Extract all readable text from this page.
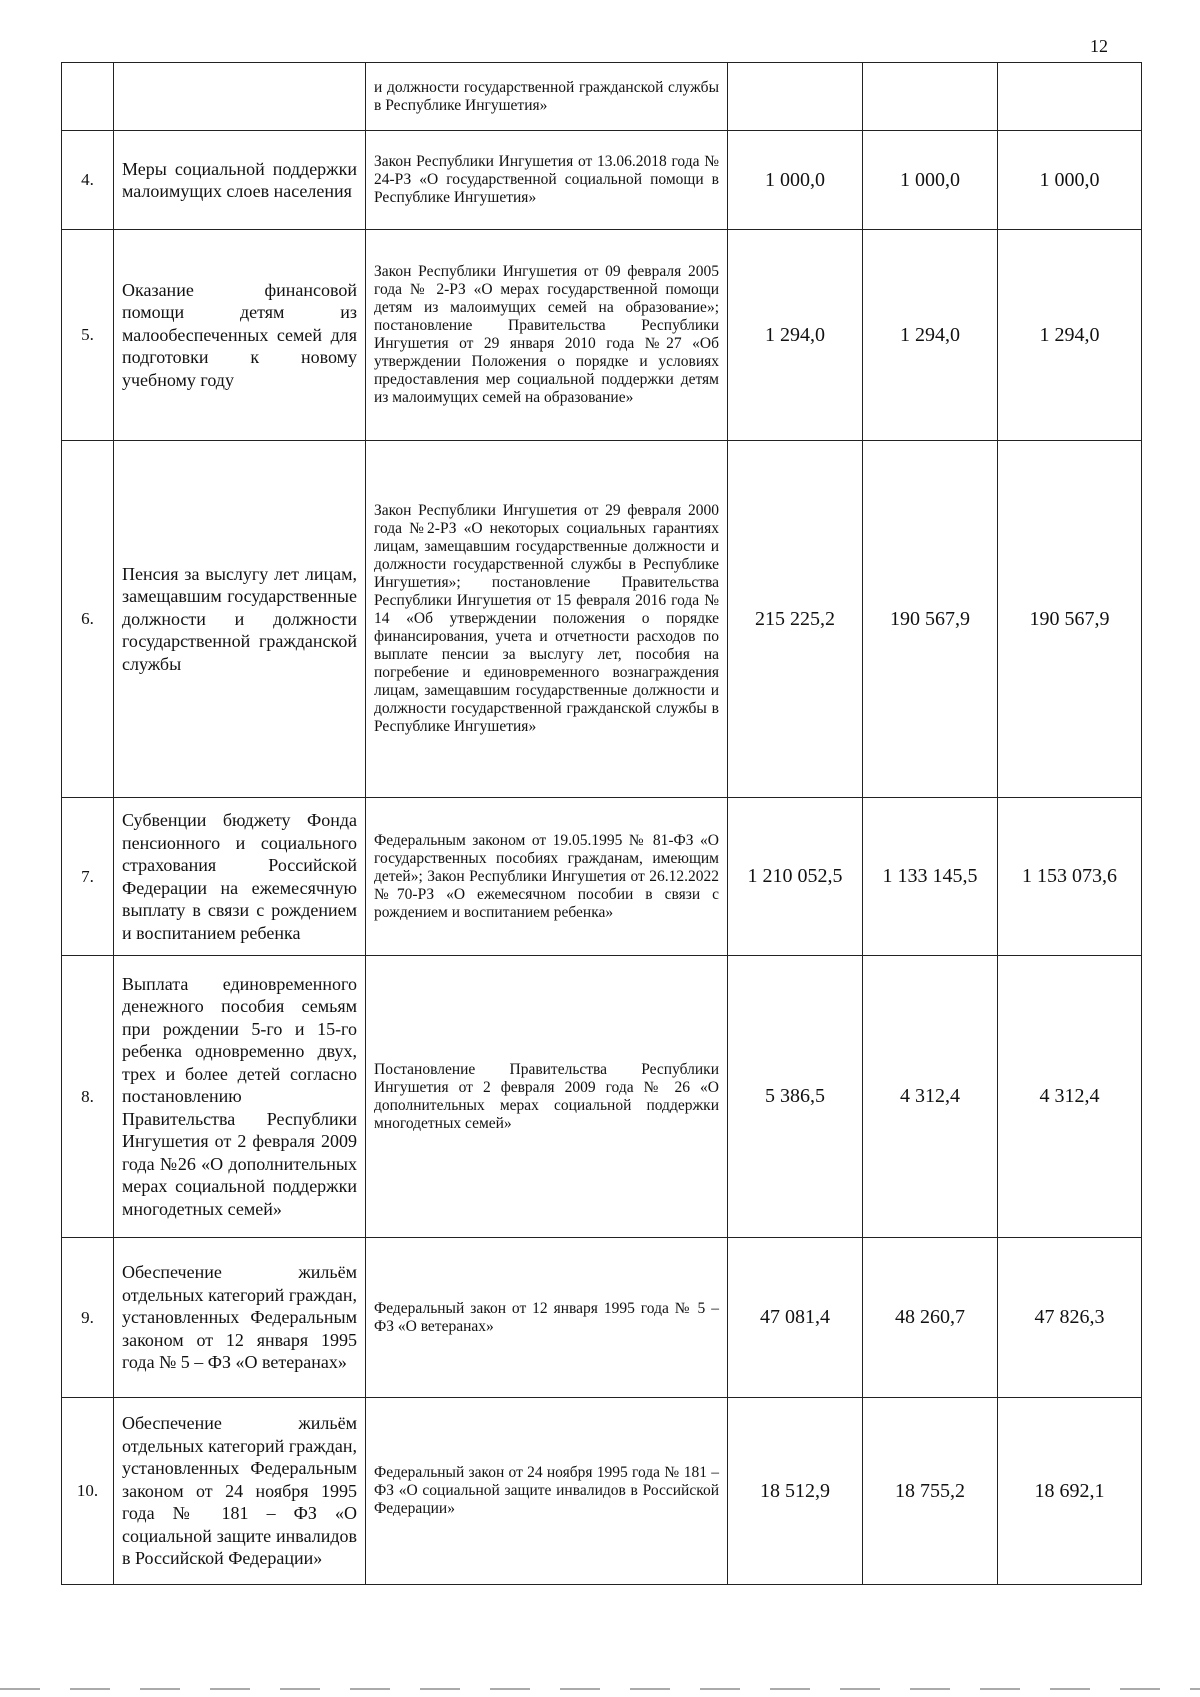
12
		и должности государственной гражданской службы в Республике Ингушетия»			
4.	Меры социальной поддержки малоимущих слоев населения	Закон Республики Ингушетия от 13.06.2018 года № 24-РЗ «О государственной социальной помощи в Республике Ингушетия»	1 000,0	1 000,0	1 000,0
5.	Оказание финансовой помощи детям из малообеспеченных семей для подготовки к новому учебному году	Закон Республики Ингушетия от 09 февраля 2005 года № 2-РЗ «О мерах государственной помощи детям из малоимущих семей на образование»; постановление Правительства Республики Ингушетия от 29 января 2010 года №27 «Об утверждении Положения о порядке и условиях предоставления мер социальной поддержки детям из малоимущих семей на образование»	1 294,0	1 294,0	1 294,0
6.	Пенсия за выслугу лет лицам, замещавшим государственные должности и должности государственной гражданской службы	Закон Республики Ингушетия от 29 февраля 2000 года №2-РЗ «О некоторых социальных гарантиях лицам, замещавшим государственные должности и должности государственной службы в Республике Ингушетия»; постановление Правительства Республики Ингушетия от 15 февраля 2016 года № 14 «Об утверждении положения о порядке финансирования, учета и отчетности расходов по выплате пенсии за выслугу лет, пособия на погребение и единовременного вознаграждения лицам, замещавшим государственные должности и должности государственной гражданской службы в Республике Ингушетия»	215 225,2	190 567,9	190 567,9
7.	Субвенции бюджету Фонда пенсионного и социального страхования Российской Федерации на ежемесячную выплату в связи с рождением и воспитанием ребенка	Федеральным законом от 19.05.1995 № 81-ФЗ «О государственных пособиях гражданам, имеющим детей»; Закон Республики Ингушетия от 26.12.2022 №70-РЗ «О ежемесячном пособии в связи с рождением и воспитанием ребенка»	1 210 052,5	1 133 145,5	1 153 073,6
8.	Выплата единовременного денежного пособия семьям при рождении 5-го и 15-го ребенка одновременно двух, трех и более детей согласно постановлению Правительства Республики Ингушетия от 2 февраля 2009 года №26 «О дополнительных мерах социальной поддержки многодетных семей»	Постановление Правительства Республики Ингушетия от 2 февраля 2009 года № 26 «О дополнительных мерах социальной поддержки многодетных семей»	5 386,5	4 312,4	4 312,4
9.	Обеспечение жильём отдельных категорий граждан, установленных Федеральным законом от 12 января 1995 года № 5 – ФЗ «О ветеранах»	Федеральный закон от 12 января 1995 года № 5 – ФЗ «О ветеранах»	47 081,4	48 260,7	47 826,3
10.	Обеспечение жильём отдельных категорий граждан, установленных Федеральным законом от 24 ноября 1995 года № 181 – ФЗ «О социальной защите инвалидов в Российской Федерации»	Федеральный закон от 24 ноября 1995 года № 181 – ФЗ «О социальной защите инвалидов в Российской Федерации»	18 512,9	18 755,2	18 692,1
